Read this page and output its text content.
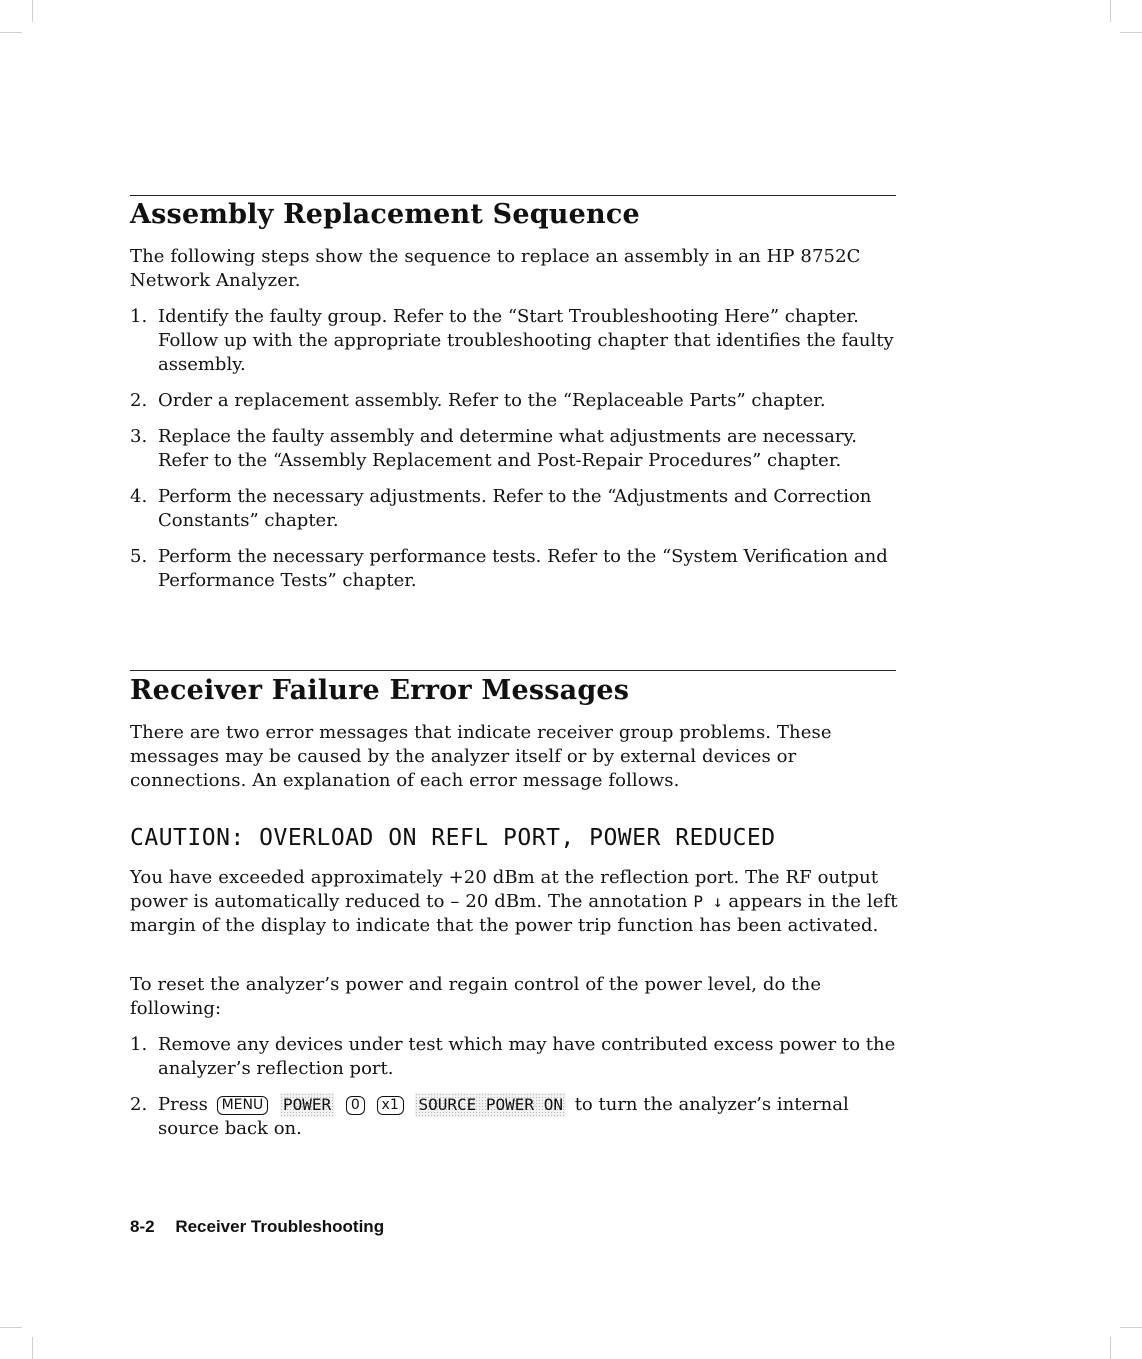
Assembly Replacement Sequence

The following steps show the sequence to replace an assembly in an HP 8752C Network Analyzer.

1. Identify the faulty group. Refer to the “Start Troubleshooting Here” chapter. Follow up with the appropriate troubleshooting chapter that identifies the faulty assembly.
2. Order a replacement assembly. Refer to the “Replaceable Parts” chapter.
3. Replace the faulty assembly and determine what adjustments are necessary. Refer to the “Assembly Replacement and Post-Repair Procedures” chapter.
4. Perform the necessary adjustments. Refer to the “Adjustments and Correction Constants” chapter.
5. Perform the necessary performance tests. Refer to the “System Verification and Performance Tests” chapter.
Receiver Failure Error Messages

There are two error messages that indicate receiver group problems. These messages may be caused by the analyzer itself or by external devices or connections. An explanation of each error message follows.

CAUTION: OVERLOAD ON REFL PORT, POWER REDUCED

You have exceeded approximately +20 dBm at the reflection port. The RF output power is automatically reduced to – 20 dBm. The annotation P ↓ appears in the left margin of the display to indicate that the power trip function has been activated.

To reset the analyzer’s power and regain control of the power level, do the following:

1. Remove any devices under test which may have contributed excess power to the analyzer’s reflection port.
2. Press MENU POWER 0 x1 SOURCE POWER ON to turn the analyzer’s internal source back on.

8-2 Receiver Troubleshooting
